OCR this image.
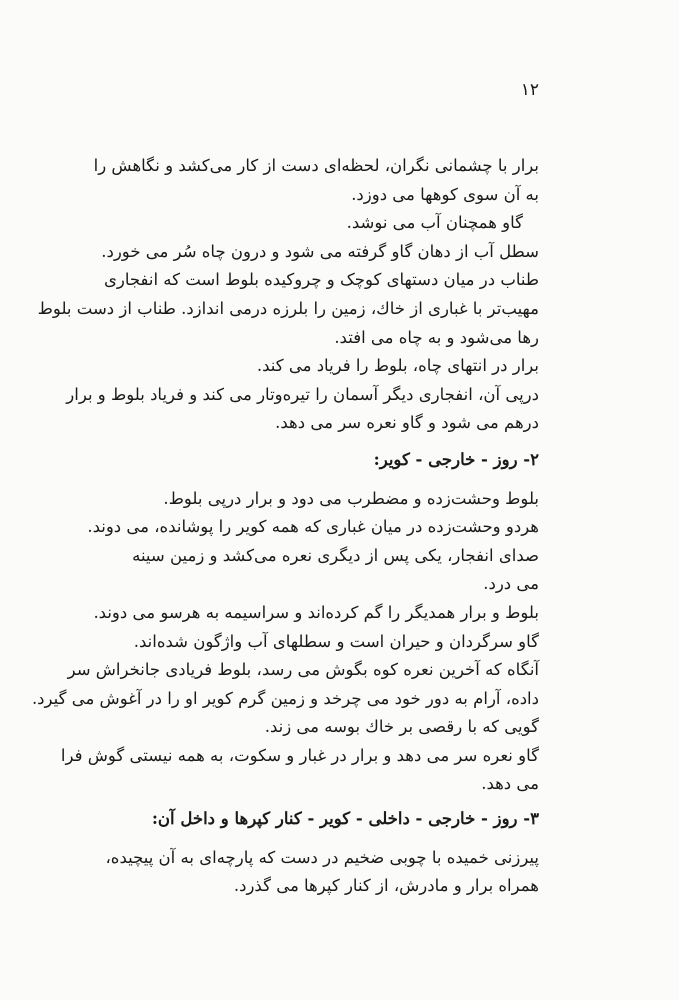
۱۲
برار با چشمانی نگران، لحظه‌ای دست از کار می‌کشد و نگاهش را
به آن سوی کوهها می دوزد.
گاو همچنان آب می نوشد.
سطل آب از دهان گاو گرفته می شود و درون چاه سُر می خورد.
طناب در میان دستهای کوچک و چروکیده بلوط است که انفجاری
مهیب‌تر با غباری از خاك، زمین را بلرزه درمی اندازد. طناب از دست بلوط
رها می‌شود و به چاه می افتد.
برار در انتهای چاه، بلوط را فریاد می کند.
درپی آن، انفجاری دیگر آسمان را تیره‌وتار می کند و فریاد بلوط و برار
درهم می شود و گاو نعره سر می دهد.
۲- روز - خارجی - کویر:
بلوط وحشت‌زده و مضطرب می دود و برار درپی بلوط.
هردو وحشت‌زده در میان غباری که همه کویر را پوشانده، می دوند.
صدای انفجار، یکی پس از دیگری نعره می‌کشد و زمین سینه
می درد.
بلوط و برار همدیگر را گم کرده‌اند و سراسیمه به هرسو می دوند.
گاو سرگردان و حیران است و سطلهای آب واژگون شده‌اند.
آنگاه که آخرین نعره کوه بگوش می رسد، بلوط فریادی جانخراش سر
داده، آرام به دور خود می چرخد و زمین گرم کویر او را در آغوش می گیرد.
گویی که با رقصی بر خاك بوسه می زند.
گاو نعره سر می دهد و برار در غبار و سکوت، به همه نیستی گوش فرا
می دهد.
۳- روز - خارجی - داخلی - کویر - کنار کپرها و داخل آن:
پیرزنی خمیده با چوبی ضخیم در دست که پارچه‌ای به آن پیچیده،
همراه برار و مادرش، از کنار کپرها می گذرد.
